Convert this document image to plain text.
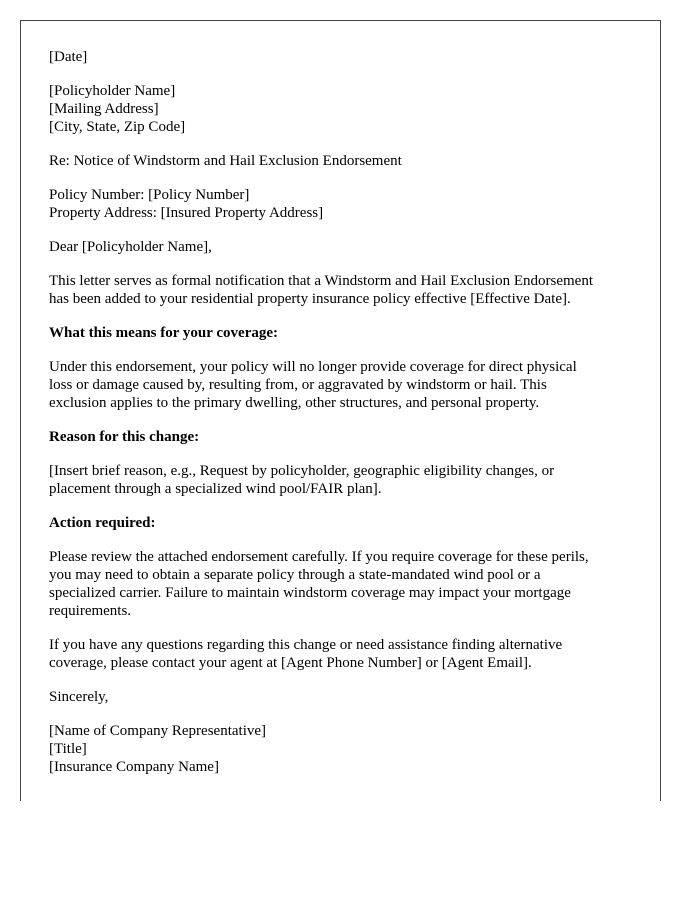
[Date]
[Policyholder Name]
[Mailing Address]
[City, State, Zip Code]
Re: Notice of Windstorm and Hail Exclusion Endorsement
Policy Number: [Policy Number]
Property Address: [Insured Property Address]
Dear [Policyholder Name],
This letter serves as formal notification that a Windstorm and Hail Exclusion Endorsement
has been added to your residential property insurance policy effective [Effective Date].
What this means for your coverage:
Under this endorsement, your policy will no longer provide coverage for direct physical
loss or damage caused by, resulting from, or aggravated by windstorm or hail. This
exclusion applies to the primary dwelling, other structures, and personal property.
Reason for this change:
[Insert brief reason, e.g., Request by policyholder, geographic eligibility changes, or
placement through a specialized wind pool/FAIR plan].
Action required:
Please review the attached endorsement carefully. If you require coverage for these perils,
you may need to obtain a separate policy through a state-mandated wind pool or a
specialized carrier. Failure to maintain windstorm coverage may impact your mortgage
requirements.
If you have any questions regarding this change or need assistance finding alternative
coverage, please contact your agent at [Agent Phone Number] or [Agent Email].
Sincerely,
[Name of Company Representative]
[Title]
[Insurance Company Name]
